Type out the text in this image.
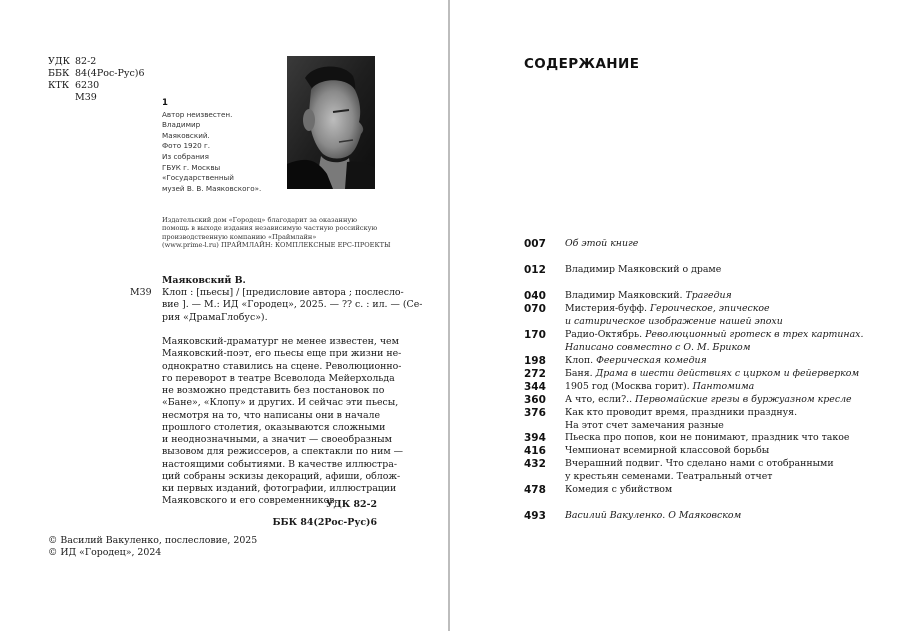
УДК 82-2
ББК 84(4Рос-Рус)6
КТК 6230
М39	1
Автор неизвестен.
Владимир
Маяковский.
Фото 1920 г.
Из собрания
ГБУК г. Москвы
«Государственный
музей В. В. Маяковского».
Издательский дом «Городец» благодарит за оказанную
помощь в выходе издания независимую частную российскую
производственную компанию «Праймлайн»
(www.prime-l.ru) ПРАЙМЛАЙН: КОМПЛЕКСНЫЕ ЕРС-ПРОЕКТЫ
М39
Маяковский В.
Клоп : [пьесы] / [предисловие автора ; послесло-
вие ]. — М.: ИД «Городец», 2025. — ?? с. : ил. — (Се-
рия «ДрамаГлобус»).
Маяковский-драматург не менее известен, чем
Маяковский-поэт, его пьесы еще при жизни не-
однократно ставились на сцене. Революционно-
го переворот в театре Всеволода Мейерхольда
не возможно представить без постановок по
«Бане», «Клопу» и других. И сейчас эти пьесы,
несмотря на то, что написаны они в начале
прошлого столетия, оказываются сложными
и неоднозначными, а значит — своеобразным
вызовом для режиссеров, а спектакли по ним —
настоящими событиями. В качестве иллюстра-
ций собраны эскизы декораций, афиши, облож-
ки первых изданий, фотографии, иллюстрации
Маяковского и его современников.
УДК 82-2
ББК 84(2Рос-Рус)6
© Василий Вакуленко, послесловие, 2025
© ИД «Городец», 2024
СОДЕРЖАНИЕ
007 Об этой книге
012 Владимир Маяковский о драме
040 Владимир Маяковский. Трагедия
070 Мистерия-буфф. Героическое, эпическое
и сатирическое изображение нашей эпохи
170 Радио-Октябрь. Революционный гротеск в трех картинах.
Написано совместно с О. М. Бриком
198 Клоп. Феерическая комедия
272 Баня. Драма в шести действиях с цирком и фейерверком
344 1905 год (Москва горит). Пантомима
360 А что, если?.. Первомайские грезы в буржуазном кресле
376 Как кто проводит время, праздники празднуя.
На этот счет замечания разные
394 Пьеска про попов, кои не понимают, праздник что такое
416 Чемпионат всемирной классовой борьбы
432 Вчерашний подвиг. Что сделано нами с отобранными
у крестьян семенами. Театральный отчет
478 Комедия с убийством
493 Василий Вакуленко. О Маяковском
